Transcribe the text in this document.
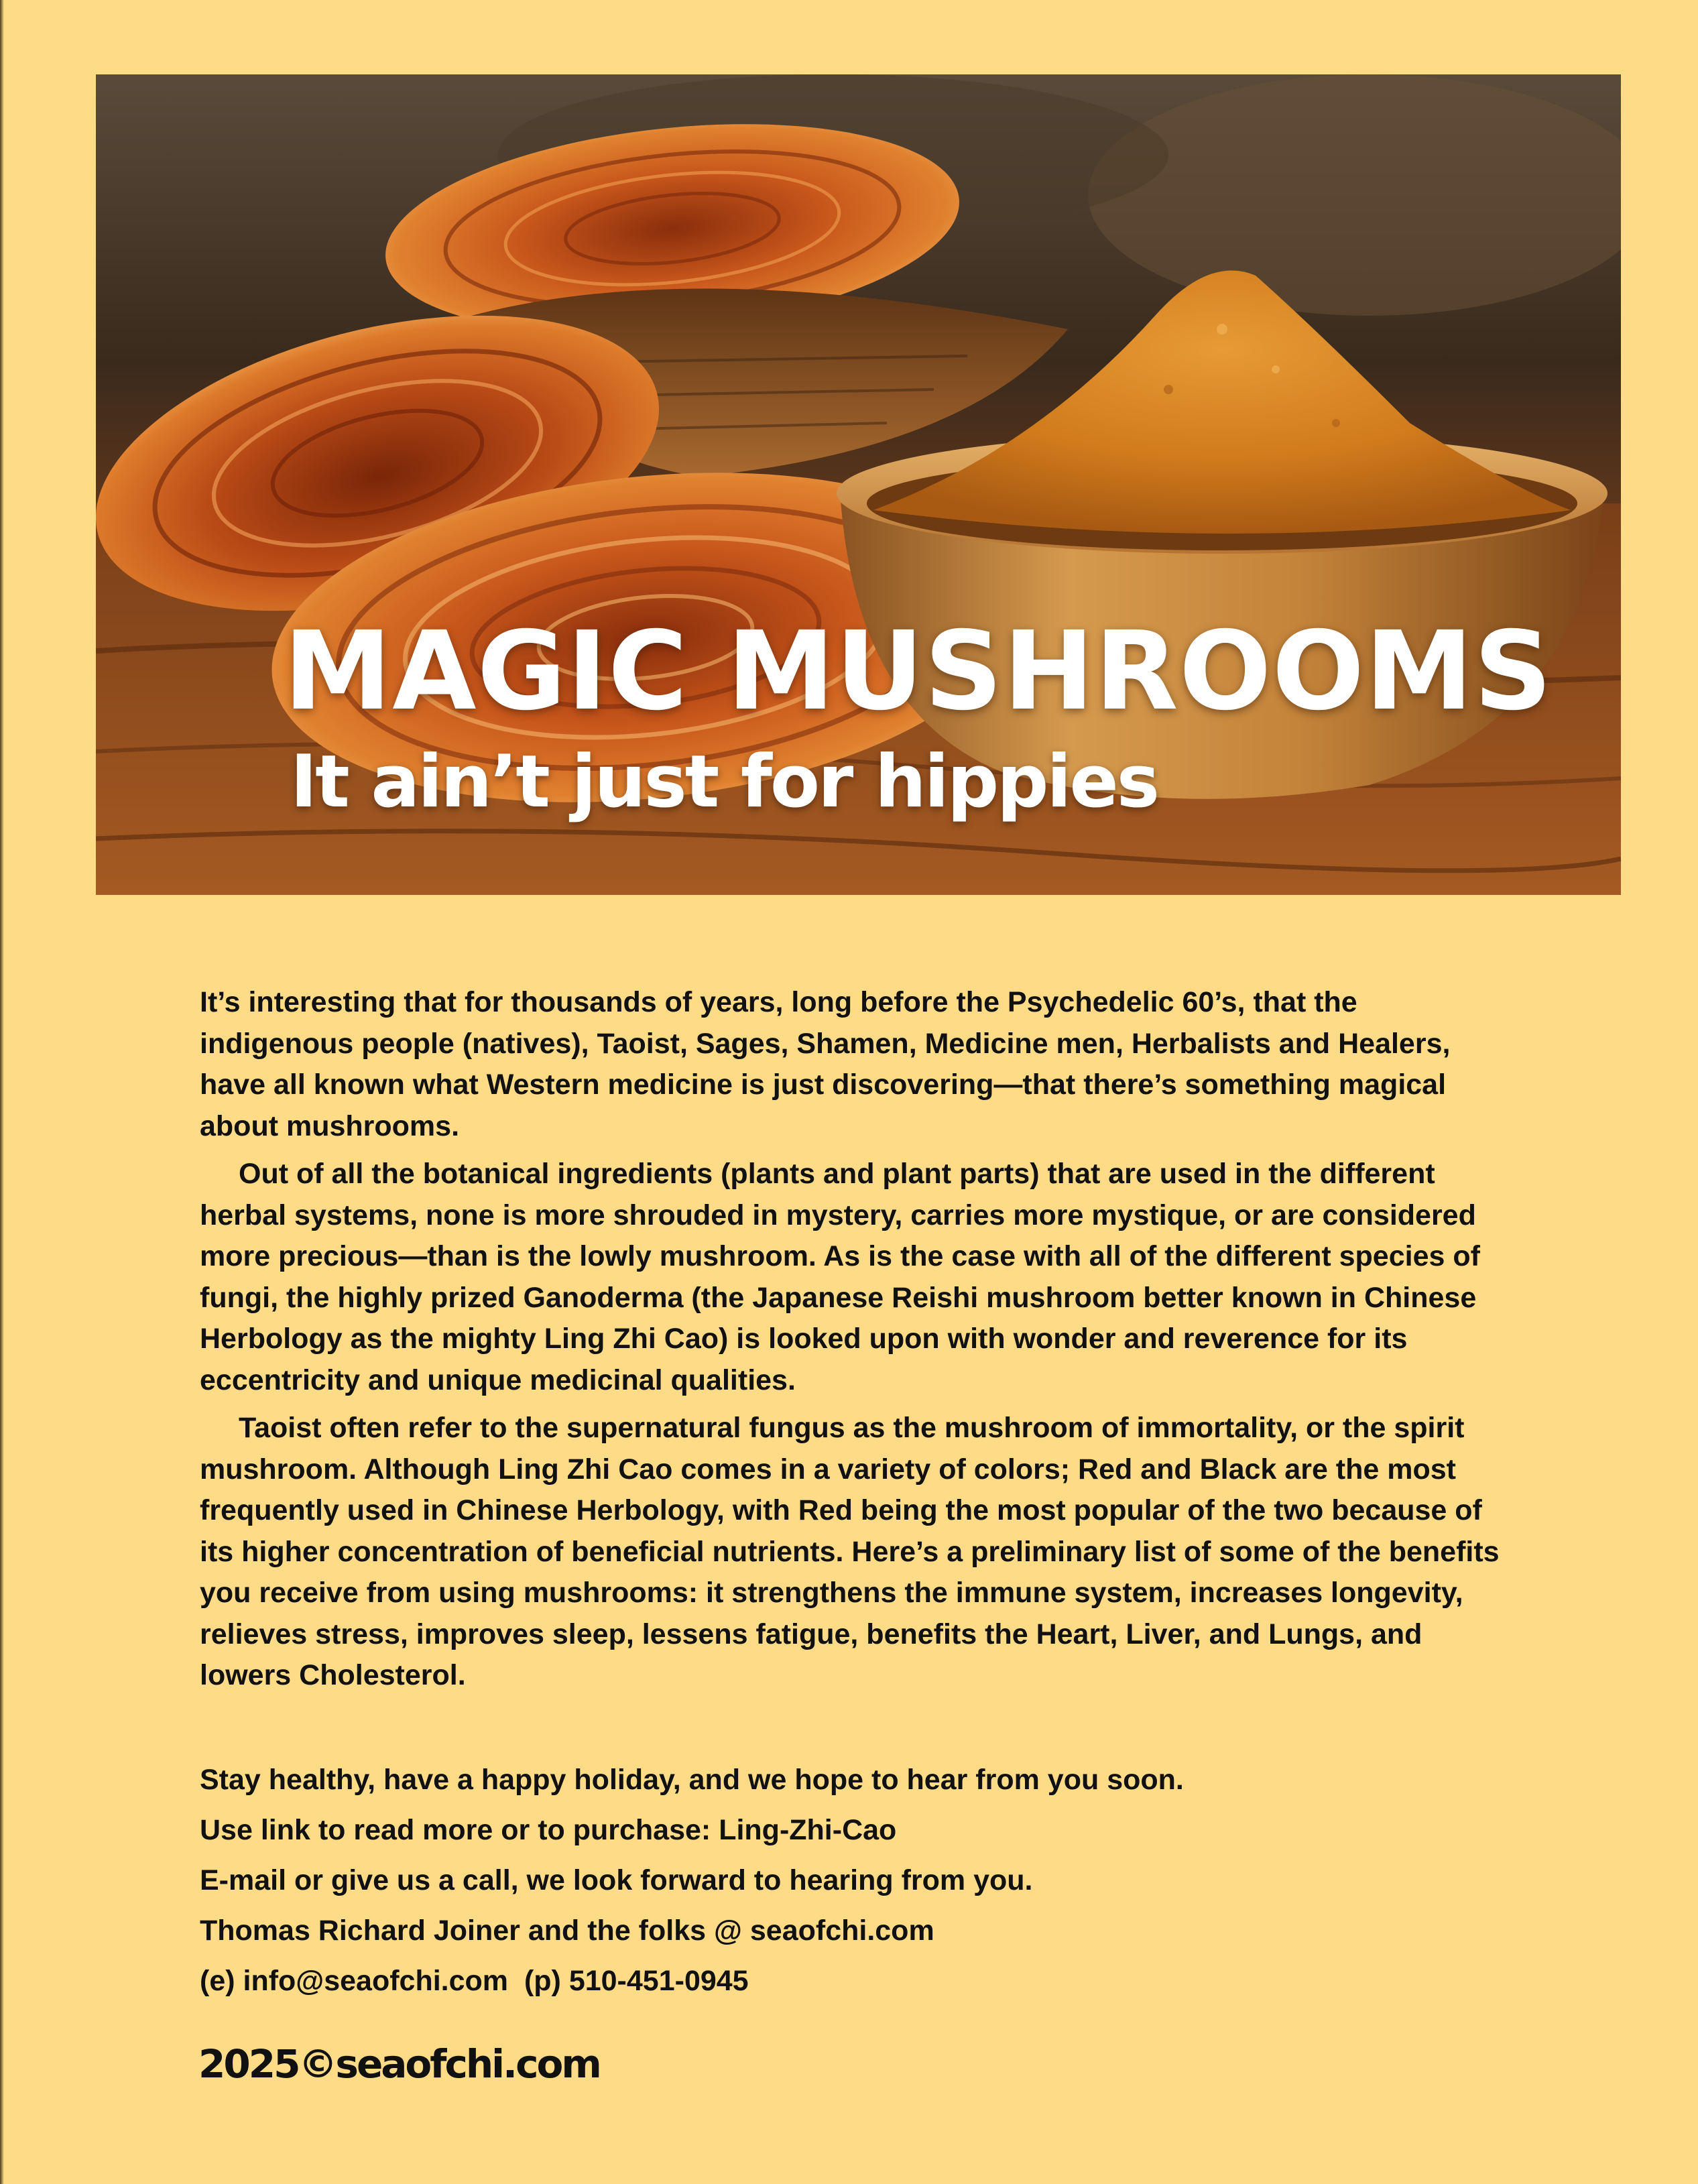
MAGIC MUSHROOMS
It ain’t just for hippies

It’s interesting that for thousands of years, long before the Psychedelic 60’s, that the indigenous people (natives), Taoist, Sages, Shamen, Medicine men, Herbalists and Healers, have all known what Western medicine is just discovering—that there’s something magical about mushrooms.

Out of all the botanical ingredients (plants and plant parts) that are used in the different herbal systems, none is more shrouded in mystery, carries more mystique, or are considered more precious—than is the lowly mushroom. As is the case with all of the different species of fungi, the highly prized Ganoderma (the Japanese Reishi mushroom better known in Chinese Herbology as the mighty Ling Zhi Cao) is looked upon with wonder and reverence for its eccentricity and unique medicinal qualities.

Taoist often refer to the supernatural fungus as the mushroom of immortality, or the spirit mushroom. Although Ling Zhi Cao comes in a variety of colors; Red and Black are the most frequently used in Chinese Herbology, with Red being the most popular of the two because of its higher concentration of beneficial nutrients. Here’s a preliminary list of some of the benefits you receive from using mushrooms: it strengthens the immune system, increases longevity, relieves stress, improves sleep, lessens fatigue, benefits the Heart, Liver, and Lungs, and lowers Cholesterol.

Stay healthy, have a happy holiday, and we hope to hear from you soon.
Use link to read more or to purchase: Ling-Zhi-Cao
E-mail or give us a call, we look forward to hearing from you.
Thomas Richard Joiner and the folks @ seaofchi.com
(e) info@seaofchi.com (p) 510-451-0945
2025©seaofchi.com
